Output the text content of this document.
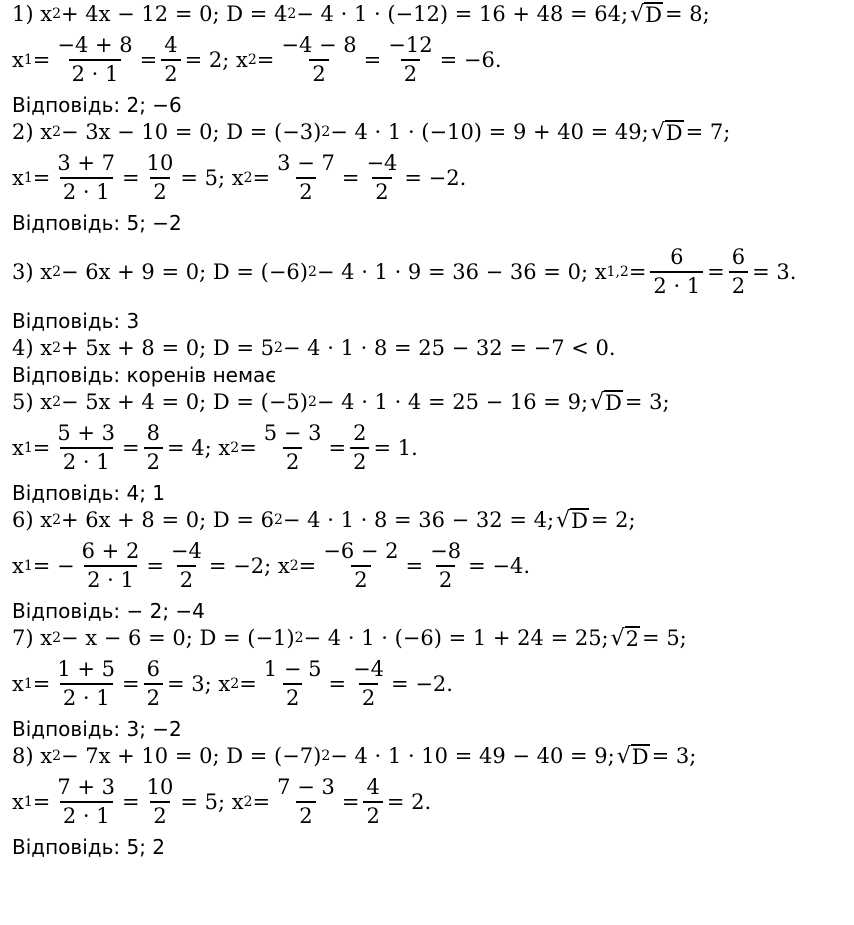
1) x 2 + 4x − 12 = 0; D = 4 2 − 4 · 1 · (−12) = 16 + 48 = 64; √ D = 8;
x $1 = \frac{-4 + 8}{2 \cdot 1} = \frac{4}{2} = 2$; x $2 = \frac{-4 - 8}{2} = \frac{-12}{2} = -6$.
Відповідь: 2; −6
2) x 2 − 3x − 10 = 0; D = (−3) 2 − 4 · 1 · (−10) = 9 + 40 = 49; √ D = 7;
x $1 = \frac{3 + 7}{2 \cdot 1} = \frac{10}{2} = 5$; x $2 = \frac{3 - 7}{2} = \frac{-4}{2} = -2$.
Відповідь: 5; −2
3) x 2 − 6x + 9 = 0; D = (−6) 2 − 4 · 1 · 9 = 36 − 36 = 0; x $1,2 = \frac{6}{2 \cdot 1} = \frac{6}{2} = 3$.
Відповідь: 3
4) x 2 + 5x + 8 = 0; D = 5 2 − 4 · 1 · 8 = 25 − 32 = −7 < 0.
Відповідь: коренів немає
5) x 2 − 5x + 4 = 0; D = (−5) 2 − 4 · 1 · 4 = 25 − 16 = 9; √ D = 3;
x $1 = \frac{5 + 3}{2 \cdot 1} = \frac{8}{2} = 4$; x $2 = \frac{5 - 3}{2} = \frac{2}{2} = 1$.
Відповідь: 4; 1
6) x 2 + 6x + 8 = 0; D = 6 2 − 4 · 1 · 8 = 36 − 32 = 4; √ D = 2;
x 1 = − $\frac{6 + 2}{2 \cdot 1} = \frac{-4}{2} = -2$; x $2 = \frac{-6 - 2}{2} = \frac{-8}{2} = -4$.
Відповідь: − 2; −4
7) x 2 − x − 6 = 0; D = (−1) 2 − 4 · 1 · (−6) = 1 + 24 = 25; √ 2 = 5;
x $1 = \frac{1 + 5}{2 \cdot 1} = \frac{6}{2} = 3$; x $2 = \frac{1 - 5}{2} = \frac{-4}{2} = -2$.
Відповідь: 3; −2
8) x 2 − 7x + 10 = 0; D = (−7) 2 − 4 · 1 · 10 = 49 − 40 = 9; √ D = 3;
x $1 = \frac{7 + 3}{2 \cdot 1} = \frac{10}{2} = 5$; x $2 = \frac{7 - 3}{2} = \frac{4}{2} = 2$.
Відповідь: 5; 2
